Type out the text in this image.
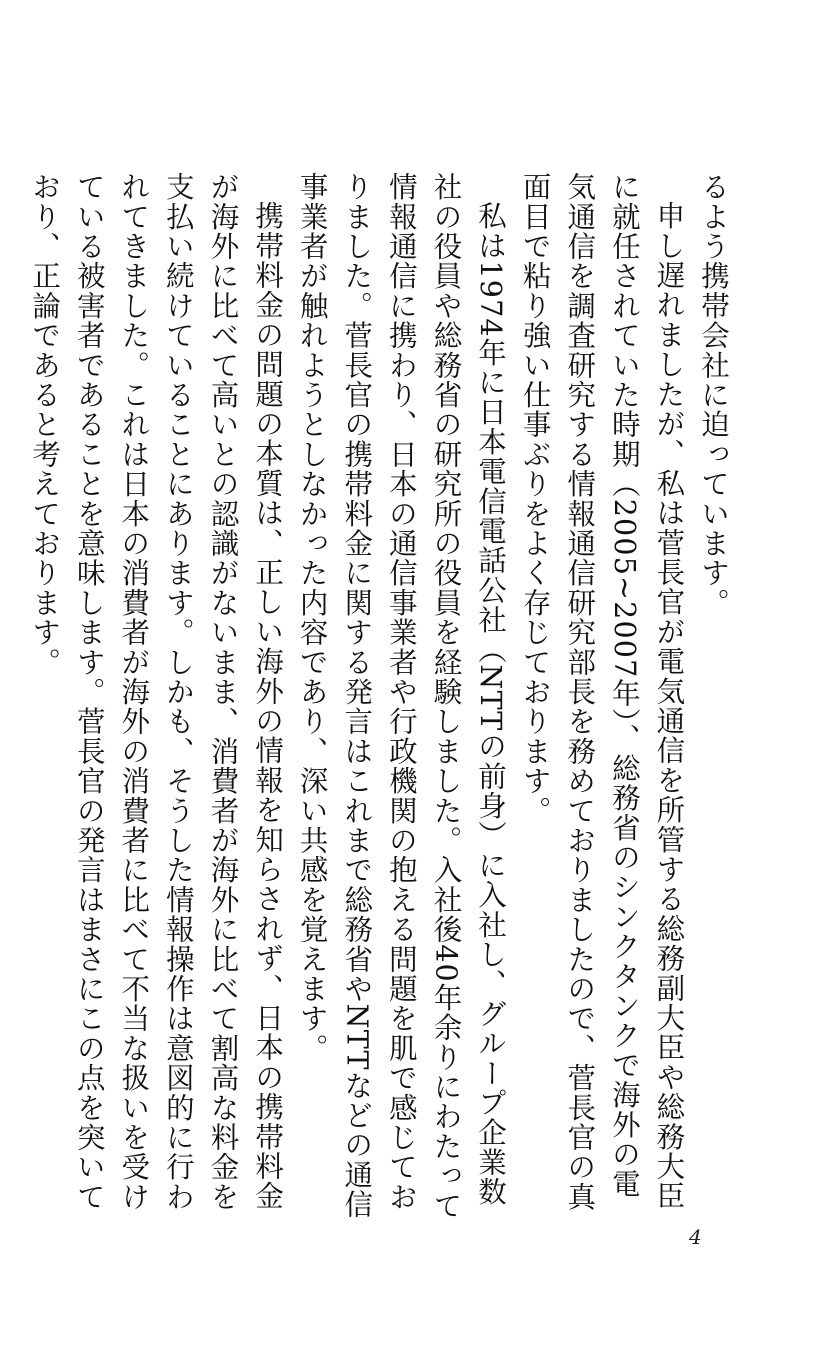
るよう携帯会社に迫っています。

申し遅れましたが、私は菅長官が電気通信を所管する総務副大臣や総務大臣に就任されていた時期（2005~2007年）、総務省のシンクタンクで海外の電気通信を調査研究する情報通信研究部長を務めておりましたので、菅長官の真面目で粘り強い仕事ぶりをよく存じております。

私は1974年に日本電信電話公社（NTTの前身）に入社し、グループ企業数社の役員や総務省の研究所の役員を経験しました。入社後40年余りにわたって情報通信に携わり、日本の通信事業者や行政機関の抱える問題を肌で感じておりました。菅長官の携帯料金に関する発言はこれまで総務省やNTTなどの通信事業者が触れようとしなかった内容であり、深い共感を覚えます。

携帯料金の問題の本質は、正しい海外の情報を知らされず、日本の携帯料金が海外に比べて高いとの認識がないまま、消費者が海外に比べて割高な料金を支払い続けていることにあります。しかも、そうした情報操作は意図的に行われてきました。これは日本の消費者が海外の消費者に比べて不当な扱いを受けている被害者であることを意味します。菅長官の発言はまさにこの点を突いており、正論であると考えております。

4
